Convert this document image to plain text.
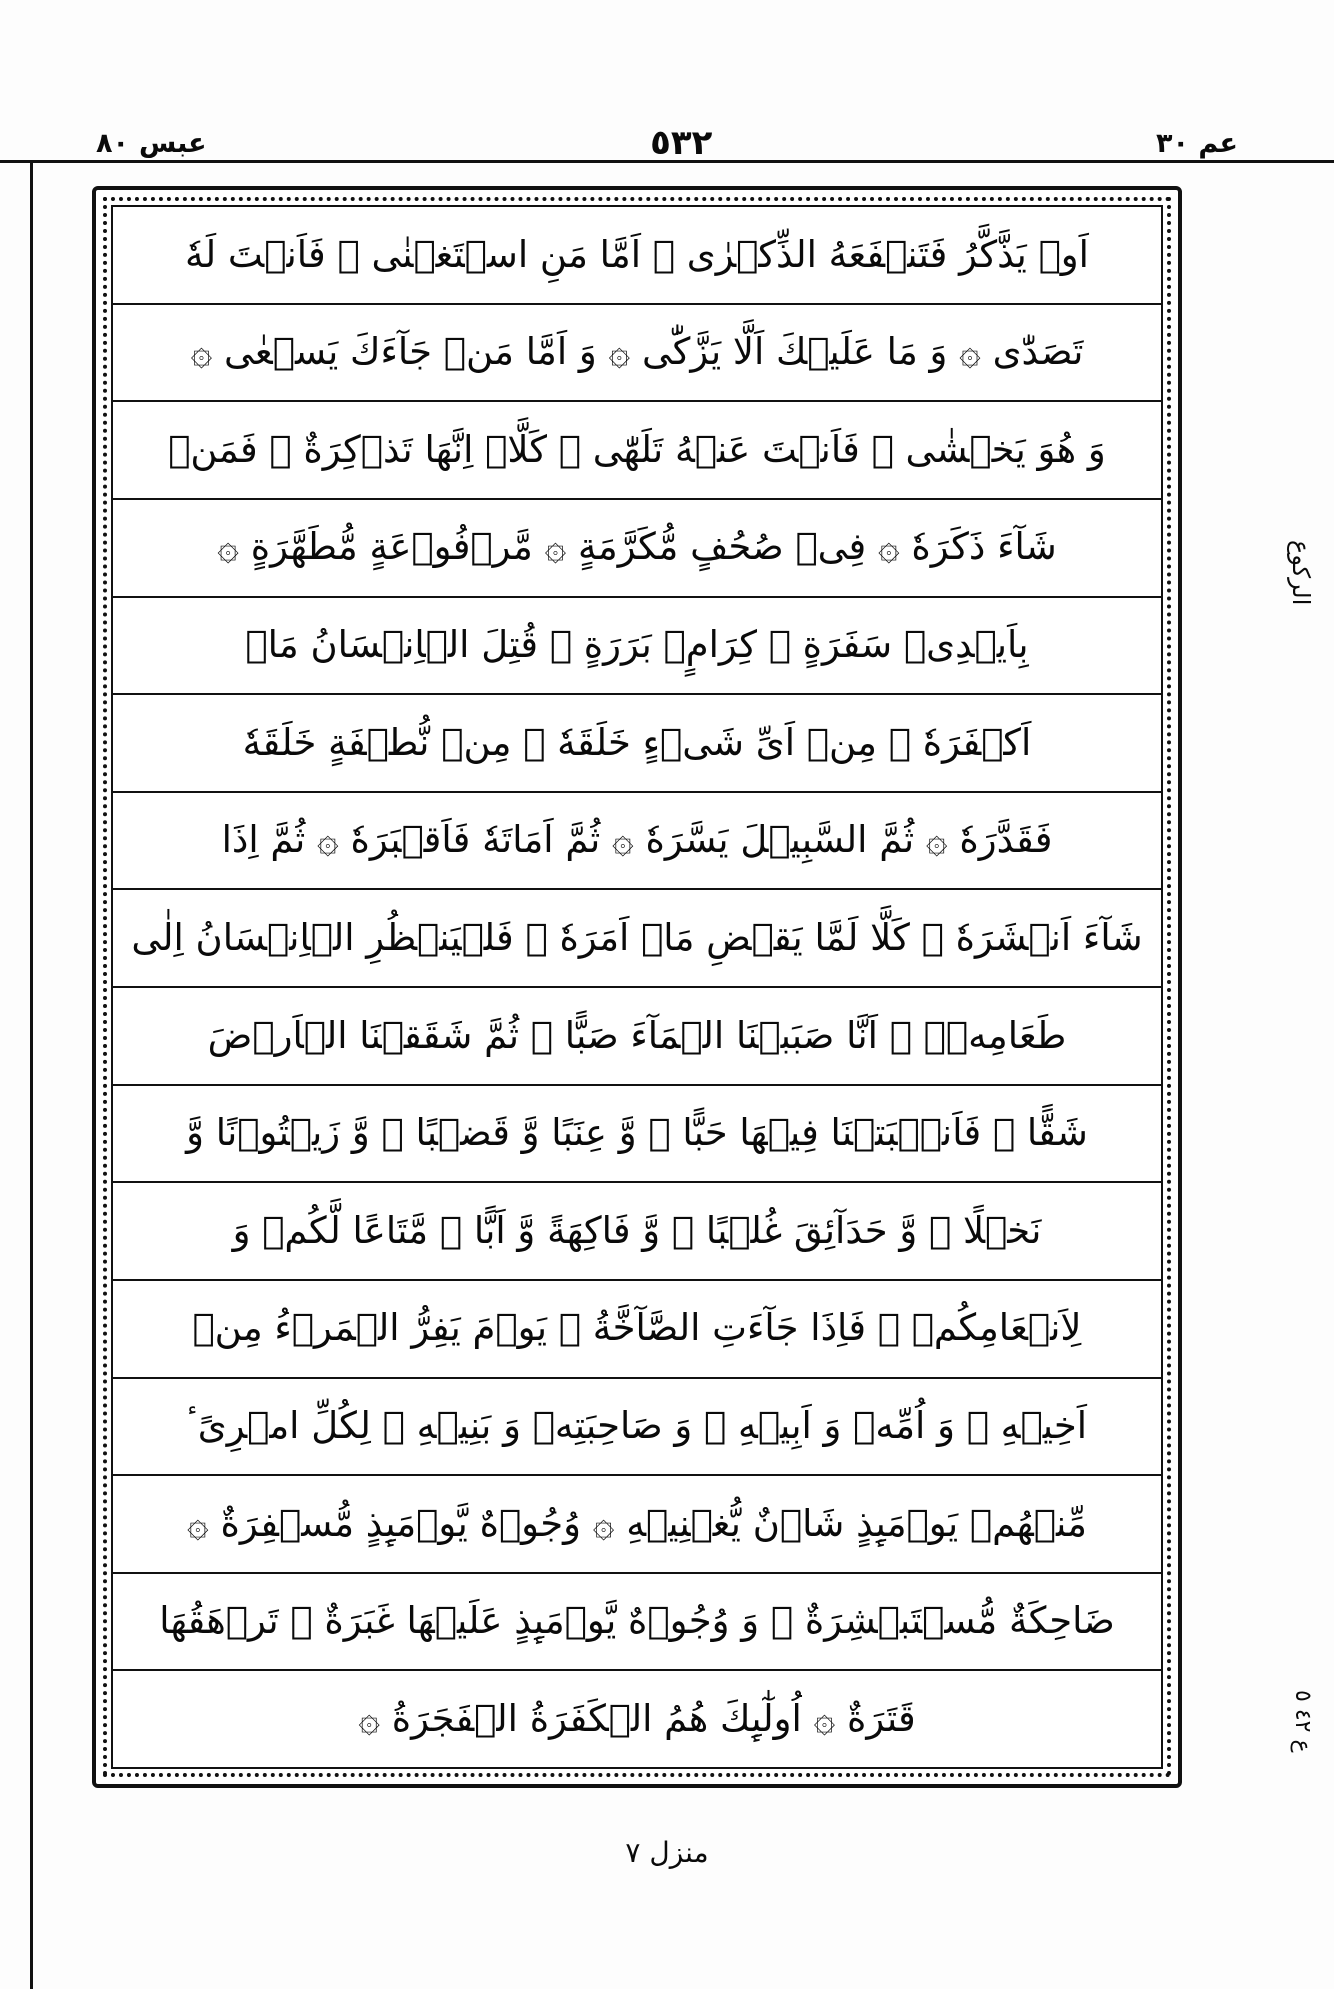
عم ٣٠
٥٣٢
عبس
٨٠
اَوۡ یَذَّكَّرُ فَتَنۡفَعَهُ الذِّكۡرٰی ۞ اَمَّا مَنِ اسۡتَغۡنٰی ۞ فَاَنۡتَ لَهٗ
تَصَدّٰی ۞ وَ مَا عَلَیۡكَ اَلَّا یَزَّكّٰی ۞ وَ اَمَّا مَنۡ جَآءَكَ یَسۡعٰی ۞
وَ هُوَ یَخۡشٰی ۞ فَاَنۡتَ عَنۡهُ تَلَهّٰی ۞ كَلَّاۤ اِنَّهَا تَذۡكِرَةٌ ۞ فَمَنۡ
شَآءَ ذَكَرَهٗ ۞ فِیۡ صُحُفٍ مُّكَرَّمَةٍ ۞ مَّرۡفُوۡعَةٍ مُّطَهَّرَةٍ ۞
بِاَیۡدِیۡ سَفَرَةٍ ۞ كِرَامٍۭ بَرَرَةٍ ۞ قُتِلَ الۡاِنۡسَانُ مَاۤ
اَكۡفَرَهٗ ۞ مِنۡ اَیِّ شَیۡءٍ خَلَقَهٗ ۞ مِنۡ نُّطۡفَةٍ خَلَقَهٗ
فَقَدَّرَهٗ ۞ ثُمَّ السَّبِیۡلَ یَسَّرَهٗ ۞ ثُمَّ اَمَاتَهٗ فَاَقۡبَرَهٗ ۞ ثُمَّ اِذَا
شَآءَ اَنۡشَرَهٗ ۞ كَلَّا لَمَّا یَقۡضِ مَاۤ اَمَرَهٗ ۞ فَلۡیَنۡظُرِ الۡاِنۡسَانُ اِلٰی
طَعَامِهٖۤ ۞ اَنَّا صَبَبۡنَا الۡمَآءَ صَبًّا ۞ ثُمَّ شَقَقۡنَا الۡاَرۡضَ
شَقًّا ۞ فَاَنۡۢبَتۡنَا فِیۡهَا حَبًّا ۞ وَّ عِنَبًا وَّ قَضۡبًا ۞ وَّ زَیۡتُوۡنًا وَّ
نَخۡلًا ۞ وَّ حَدَآئِقَ غُلۡبًا ۞ وَّ فَاكِهَةً وَّ اَبًّا ۞ مَّتَاعًا لَّكُمۡ وَ
لِاَنۡعَامِكُمۡ ۞ فَاِذَا جَآءَتِ الصَّآخَّةُ ۞ یَوۡمَ یَفِرُّ الۡمَرۡءُ مِنۡ
اَخِیۡهِ ۞ وَ اُمِّهٖ وَ اَبِیۡهِ ۞ وَ صَاحِبَتِهٖ وَ بَنِیۡهِ ۞ لِكُلِّ امۡرِیًٴ
مِّنۡهُمۡ یَوۡمَىِٕذٍ شَاۡنٌ یُّغۡنِیۡهِ ۞ وُجُوۡهٌ یَّوۡمَىِٕذٍ مُّسۡفِرَةٌ ۞
ضَاحِكَةٌ مُّسۡتَبۡشِرَةٌ ۞ وَ وُجُوۡهٌ یَّوۡمَىِٕذٍ عَلَیۡهَا غَبَرَةٌ ۞ تَرۡهَقُهَا
قَتَرَةٌ ۞ اُولٰٓىِٕكَ هُمُ الۡكَفَرَةُ الۡفَجَرَةُ ۞
الرکوع
ع ٤٢ ٥
منزل ٧
